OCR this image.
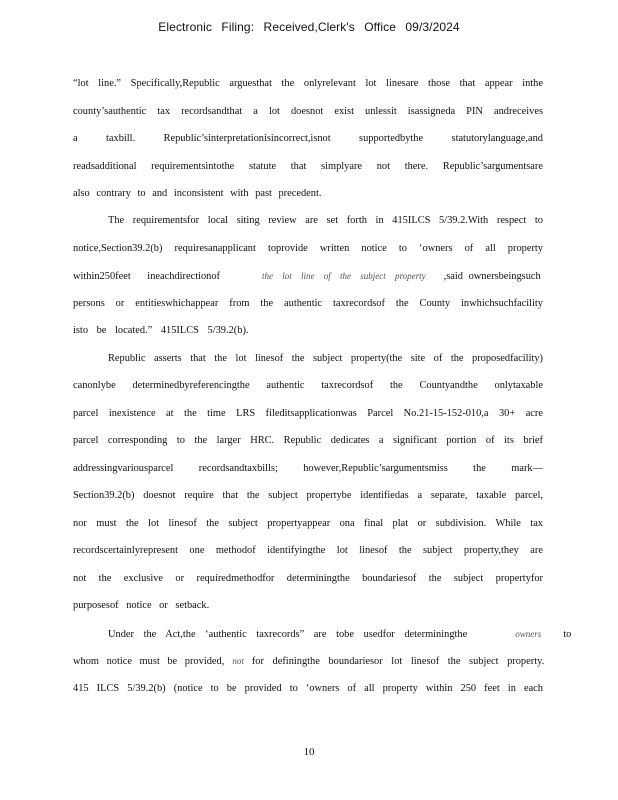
Electronic Filing: Received,Clerk's Office 09/3/2024
“lot line.” Specifically,Republic arguesthat the onlyrelevant lot linesare those that appear inthe
county’sauthentic tax recordsandthat a lot doesnot exist unlessit isassigneda PIN andreceives
a taxbill. Republic’sinterpretationisincorrect,isnot supportedbythe statutorylanguage,and
readsadditional requirementsintothe statute that simplyare not there. Republic’sargumentsare
also contrary to and inconsistent with past precedent.
The requirementsfor local siting review are set forth in 415ILCS 5/39.2.With respect to
notice,Section39.2(b) requiresanapplicant toprovide written notice to ‘owners of all property
within250feet ineachdirectionof	the lot line of the subject property ,said ownersbeingsuch
persons or entitieswhichappear from the authentic taxrecordsof the County inwhichsuchfacility
isto be located.” 415ILCS 5/39.2(b).
Republic asserts that the lot linesof the subject property(the site of the proposedfacility)
canonlybe determinedbyreferencingthe authentic taxrecordsof the Countyandthe onlytaxable
parcel inexistence at the time LRS fileditsapplicationwas Parcel No.21-15-152-010,a 30+ acre
parcel corresponding to the larger HRC. Republic dedicates a significant portion of its brief
addressingvariousparcel recordsandtaxbills; however,Republic’sargumentsmiss the mark—
Section39.2(b) doesnot require that the subject propertybe identifiedas a separate, taxable parcel,
nor must the lot linesof the subject propertyappear ona final plat or subdivision. While tax
recordscertainlyrepresent one methodof identifyingthe lot linesof the subject property,they are
not the exclusive or requiredmethodfor determiningthe boundariesof the subject propertyfor
purposesof notice or setback.
Under the Act,the ‘authentic taxrecords” are tobe usedfor determiningthe	owners to
whom notice must be provided, not for definingthe boundariesor lot linesof the subject property.
415 ILCS 5/39.2(b) (notice to be provided to ‘owners of all property within 250 feet in each
10
